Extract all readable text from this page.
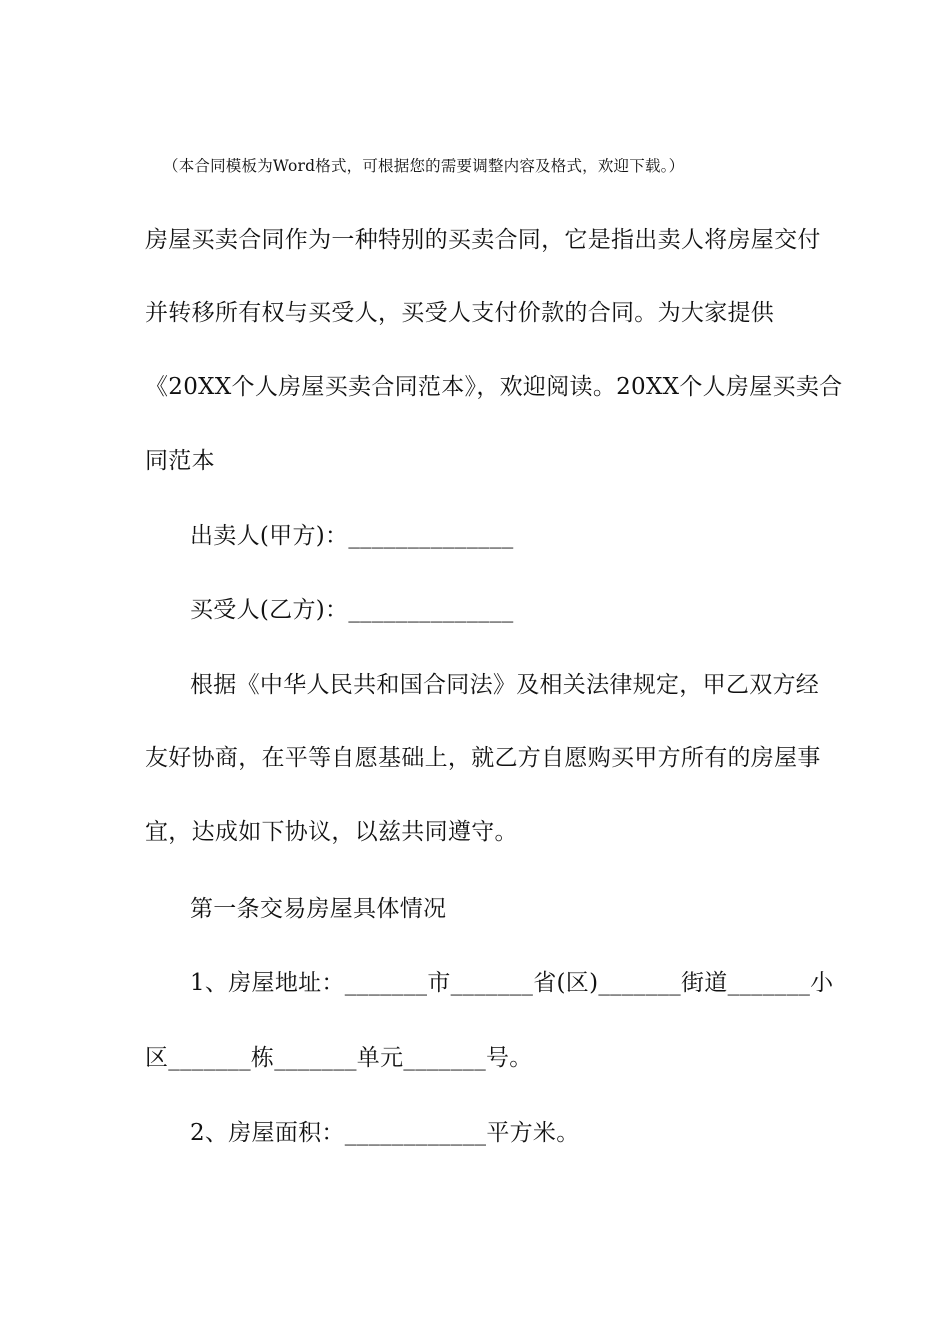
（本合同模板为Word格式，可根据您的需要调整内容及格式，欢迎下载。）
房屋买卖合同作为一种特别的买卖合同，它是指出卖人将房屋交付
并转移所有权与买受人，买受人支付价款的合同。为大家提供
《20XX个人房屋买卖合同范本》，欢迎阅读。20XX个人房屋买卖合
同范本
出卖人(甲方)：______________
买受人(乙方)：______________
根据《中华人民共和国合同法》及相关法律规定，甲乙双方经
友好协商，在平等自愿基础上，就乙方自愿购买甲方所有的房屋事
宜，达成如下协议，以兹共同遵守。
第一条交易房屋具体情况
1、房屋地址：_______市_______省(区)_______街道_______小
区_______栋_______单元_______号。
2、房屋面积：____________平方米。
